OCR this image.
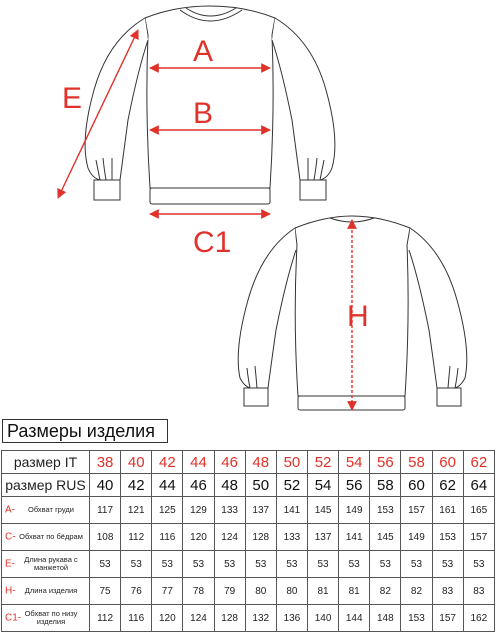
A
B
E
C1
H
Размеры изделия
размер IT	38	40	42	44	46	48	50	52	54	56	58	60	62
размер RUS	40	42	44	46	48	50	52	54	56	58	60	62	64

A- Обхват груди	117	121	125	129	133	137	141	145	149	153	157	161	165

C- Обхват по бёдрам	108	112	116	120	124	128	133	137	141	145	149	153	157

E- Длина рукава с манжетой	53	53	53	53	53	53	53	53	53	53	53	53	53

H- Длина изделия	75	76	77	78	79	80	80	81	81	82	82	83	83

C1- Обхват по низу изделия	112	116	120	124	128	132	136	140	144	148	153	157	162
